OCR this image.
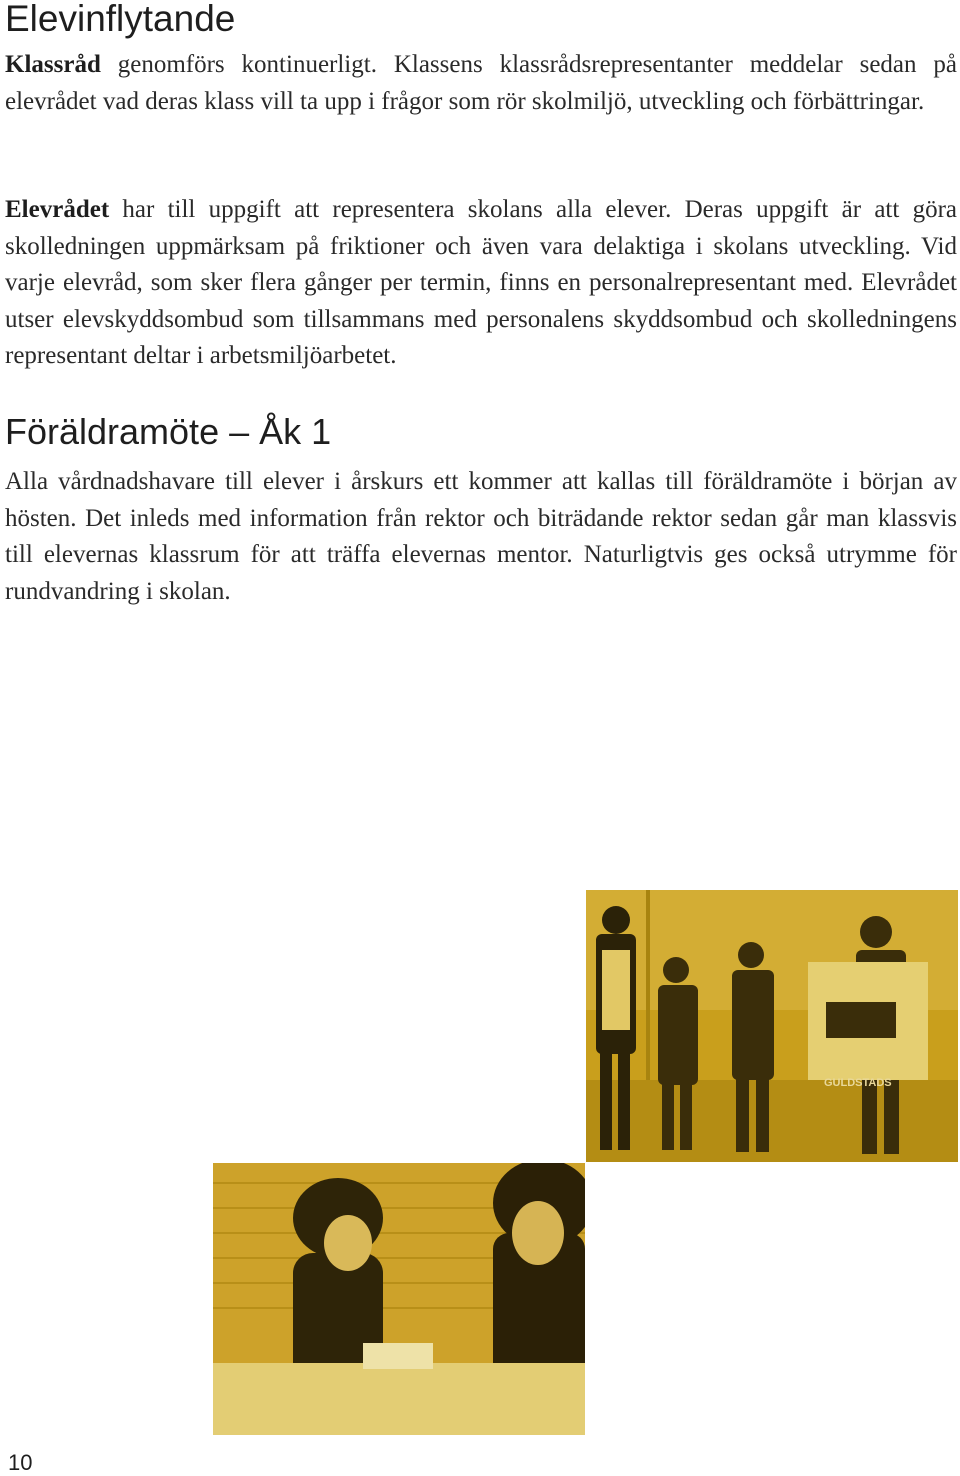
Elevinflytande

Klassråd genomförs kontinuerligt. Klassens klassrådsrepresentanter meddelar sedan på elevrådet vad deras klass vill ta upp i frågor som rör skolmiljö, utveckling och förbättringar.

Elevrådet har till uppgift att representera skolans alla elever. Deras uppgift är att göra skolledningen uppmärksam på friktioner och även vara delaktiga i skolans utveckling. Vid varje elevråd, som sker flera gånger per termin, finns en personalrepresentant med. Elevrådet utser elevskyddsombud som tillsammans med personalens skyddsombud och skolledningens representant deltar i arbetsmiljöarbetet.

Föräldramöte – Åk 1

Alla vårdnadshavare till elever i årskurs ett kommer att kallas till föräldramöte i början av hösten. Det inleds med information från rektor och biträdande rektor sedan går man klassvis till elevernas klassrum för att träffa elevernas mentor. Naturligtvis ges också utrymme för rundvandring i skolan.

GULDSTADS
10
